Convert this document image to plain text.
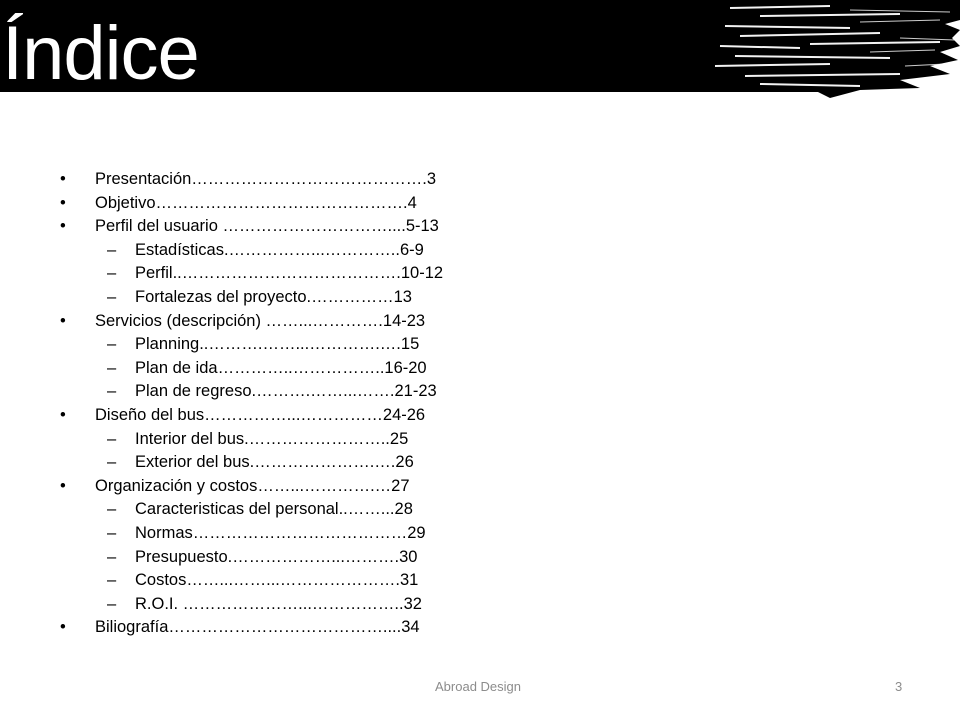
Índice
• Presentación…………………………………….3
• Objetivo……………………………………….4
• Perfil del usuario …………………………....5-13
– Estadísticas.……………...…………..6-9
– Perfil..………………………………….10-12
– Fortalezas del proyecto.……………13
• Servicios (descripción) ……...………….14-23
– Planning..……….……...………….….15
– Plan de ida…………..……………..16-20
– Plan de regreso.……….……...…….21-23
• Diseño del bus……………...……………24-26
– Interior del bus.……………………..25
– Exterior del bus.………………….….26
• Organización y costos……...………….…27
– Caracteristicas del personal..……...28
– Normas…………………………………29
– Presupuesto.………………...……….30
– Costos……...……...………………….31
– R.O.I. …………………...……………..32
• Biliografía…………………………………....34
Abroad Design	3
